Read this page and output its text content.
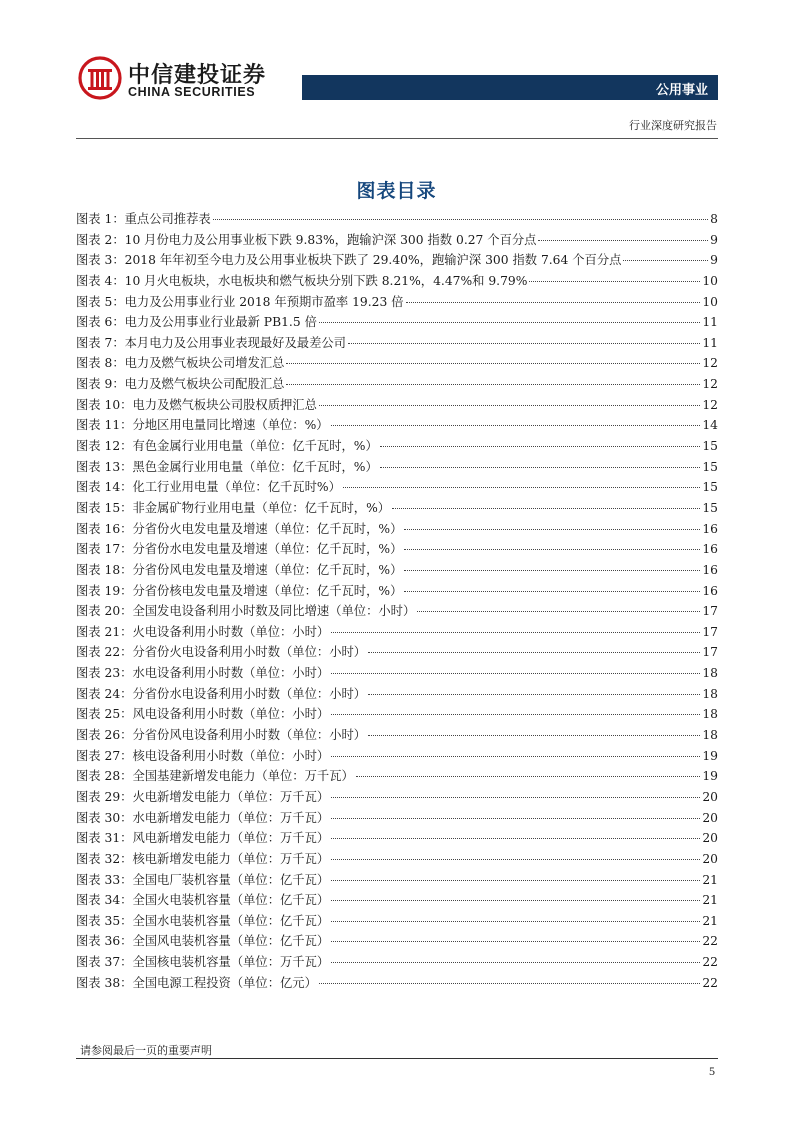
中信建投证券
CHINA SECURITIES	公用事业
行业深度研究报告
图表目录
图表 1：重点公司推荐表	8
图表 2：10 月份电力及公用事业板下跌 9.83%，跑输沪深 300 指数 0.27 个百分点	9
图表 3：2018 年年初至今电力及公用事业板块下跌了 29.40%，跑输沪深 300 指数 7.64 个百分点	9
图表 4：10 月火电板块，水电板块和燃气板块分别下跌 8.21%，4.47%和 9.79%	10
图表 5：电力及公用事业行业 2018 年预期市盈率 19.23 倍	10
图表 6：电力及公用事业行业最新 PB1.5 倍	11
图表 7：本月电力及公用事业表现最好及最差公司	11
图表 8：电力及燃气板块公司增发汇总	12
图表 9：电力及燃气板块公司配股汇总	12
图表 10：电力及燃气板块公司股权质押汇总	12
图表 11：分地区用电量同比增速（单位：%）	14
图表 12：有色金属行业用电量（单位：亿千瓦时，%）	15
图表 13：黑色金属行业用电量（单位：亿千瓦时，%）	15
图表 14：化工行业用电量（单位：亿千瓦时%）	15
图表 15：非金属矿物行业用电量（单位：亿千瓦时，%）	15
图表 16：分省份火电发电量及增速（单位：亿千瓦时，%）	16
图表 17：分省份水电发电量及增速（单位：亿千瓦时，%）	16
图表 18：分省份风电发电量及增速（单位：亿千瓦时，%）	16
图表 19：分省份核电发电量及增速（单位：亿千瓦时，%）	16
图表 20：全国发电设备利用小时数及同比增速（单位：小时）	17
图表 21：火电设备利用小时数（单位：小时）	17
图表 22：分省份火电设备利用小时数（单位：小时）	17
图表 23：水电设备利用小时数（单位：小时）	18
图表 24：分省份水电设备利用小时数（单位：小时）	18
图表 25：风电设备利用小时数（单位：小时）	18
图表 26：分省份风电设备利用小时数（单位：小时）	18
图表 27：核电设备利用小时数（单位：小时）	19
图表 28：全国基建新增发电能力（单位：万千瓦）	19
图表 29：火电新增发电能力（单位：万千瓦）	20
图表 30：水电新增发电能力（单位：万千瓦）	20
图表 31：风电新增发电能力（单位：万千瓦）	20
图表 32：核电新增发电能力（单位：万千瓦）	20
图表 33：全国电厂装机容量（单位：亿千瓦）	21
图表 34：全国火电装机容量（单位：亿千瓦）	21
图表 35：全国水电装机容量（单位：亿千瓦）	21
图表 36：全国风电装机容量（单位：亿千瓦）	22
图表 37：全国核电装机容量（单位：万千瓦）	22
图表 38：全国电源工程投资（单位：亿元）	22
请参阅最后一页的重要声明
5
